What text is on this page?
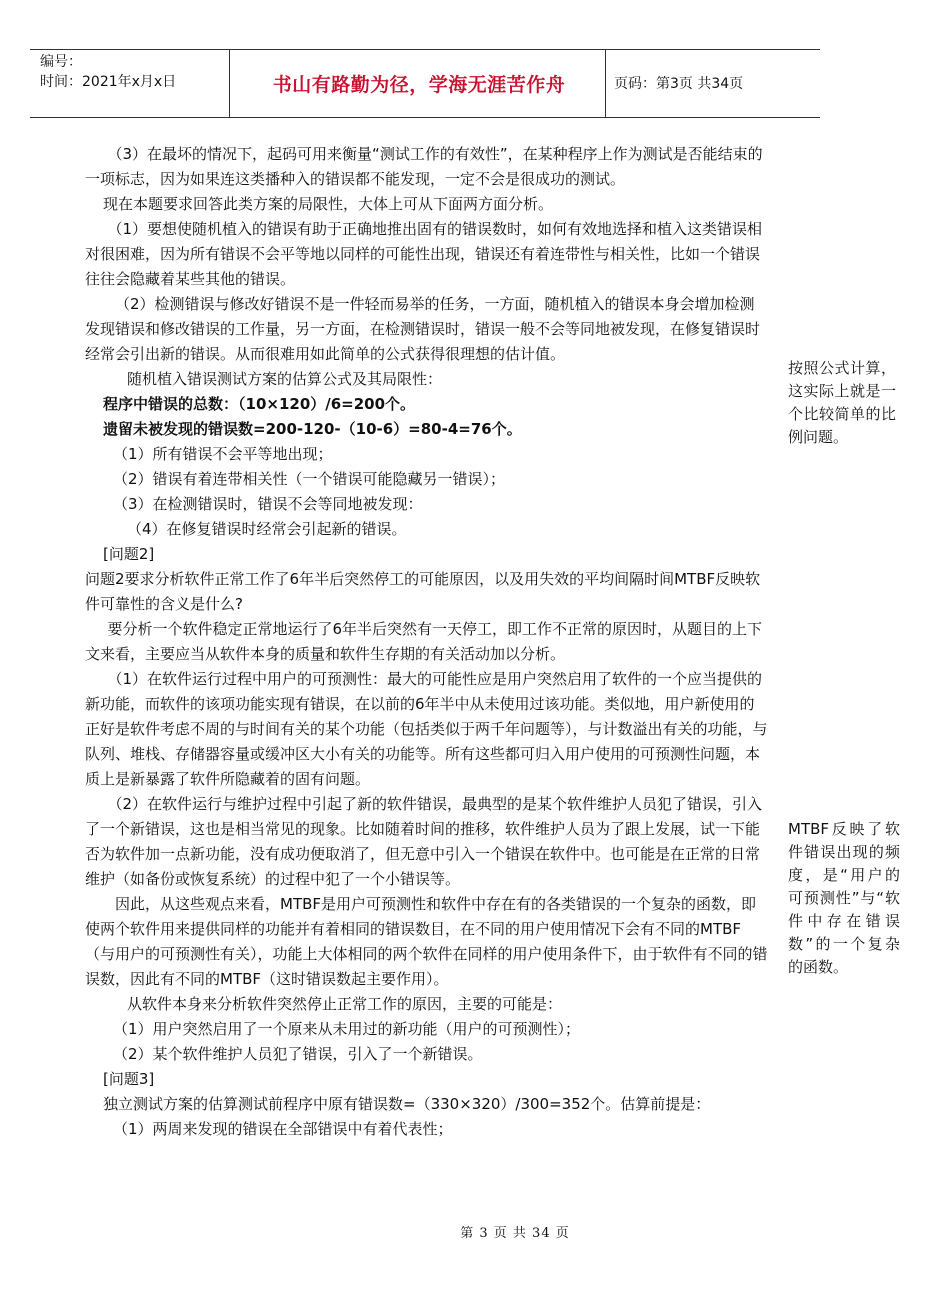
编号：
时间：2021年x月x日	书山有路勤为径，学海无涯苦作舟	页码：第3页 共34页

（3）在最坏的情况下，起码可用来衡量“测试工作的有效性”，在某种程序上作为测试是否能结束的一项标志，因为如果连这类播种入的错误都不能发现，一定不会是很成功的测试。

现在本题要求回答此类方案的局限性，大体上可从下面两方面分析。

（1）要想使随机植入的错误有助于正确地推出固有的错误数时，如何有效地选择和植入这类错误相对很困难，因为所有错误不会平等地以同样的可能性出现，错误还有着连带性与相关性，比如一个错误往往会隐藏着某些其他的错误。

（2）检测错误与修改好错误不是一件轻而易举的任务，一方面，随机植入的错误本身会增加检测发现错误和修改错误的工作量，另一方面，在检测错误时，错误一般不会等同地被发现，在修复错误时经常会引出新的错误。从而很难用如此简单的公式获得很理想的估计值。

随机植入错误测试方案的估算公式及其局限性：

程序中错误的总数：（10×120）/6=200个。

遗留未被发现的错误数=200-120-（10-6）=80-4=76个。

（1）所有错误不会平等地出现；

（2）错误有着连带相关性（一个错误可能隐藏另一错误）；

（3）在检测错误时，错误不会等同地被发现：

（4）在修复错误时经常会引起新的错误。

[问题2]

问题2要求分析软件正常工作了6年半后突然停工的可能原因，以及用失效的平均间隔时间MTBF反映软件可靠性的含义是什么?

要分析一个软件稳定正常地运行了6年半后突然有一天停工，即工作不正常的原因时，从题目的上下文来看，主要应当从软件本身的质量和软件生存期的有关活动加以分析。

（1）在软件运行过程中用户的可预测性：最大的可能性应是用户突然启用了软件的一个应当提供的新功能，而软件的该项功能实现有错误，在以前的6年半中从未使用过该功能。类似地，用户新使用的正好是软件考虑不周的与时间有关的某个功能（包括类似于两千年问题等），与计数溢出有关的功能，与队列、堆栈、存储器容量或缓冲区大小有关的功能等。所有这些都可归入用户使用的可预测性问题，本质上是新暴露了软件所隐藏着的固有问题。

（2）在软件运行与维护过程中引起了新的软件错误，最典型的是某个软件维护人员犯了错误，引入了一个新错误，这也是相当常见的现象。比如随着时间的推移，软件维护人员为了跟上发展，试一下能否为软件加一点新功能，没有成功便取消了，但无意中引入一个错误在软件中。也可能是在正常的日常维护（如备份或恢复系统）的过程中犯了一个小错误等。

因此，从这些观点来看，MTBF是用户可预测性和软件中存在有的各类错误的一个复杂的函数，即使两个软件用来提供同样的功能并有着相同的错误数目，在不同的用户使用情况下会有不同的MTBF（与用户的可预测性有关），功能上大体相同的两个软件在同样的用户使用条件下，由于软件有不同的错误数，因此有不同的MTBF（这时错误数起主要作用）。

从软件本身来分析软件突然停止正常工作的原因，主要的可能是：

（1）用户突然启用了一个原来从未用过的新功能（用户的可预测性）；

（2）某个软件维护人员犯了错误，引入了一个新错误。

[问题3]

独立测试方案的估算测试前程序中原有错误数=（330×320）/300=352个。估算前提是：

（1）两周来发现的错误在全部错误中有着代表性；

按照公式计算，这实际上就是一个比较简单的比例问题。
MTBF反映了软件错误出现的频度，是“用户的可预测性”与“软件中存在错误数”的一个复杂的函数。
第 3 页 共 34 页
